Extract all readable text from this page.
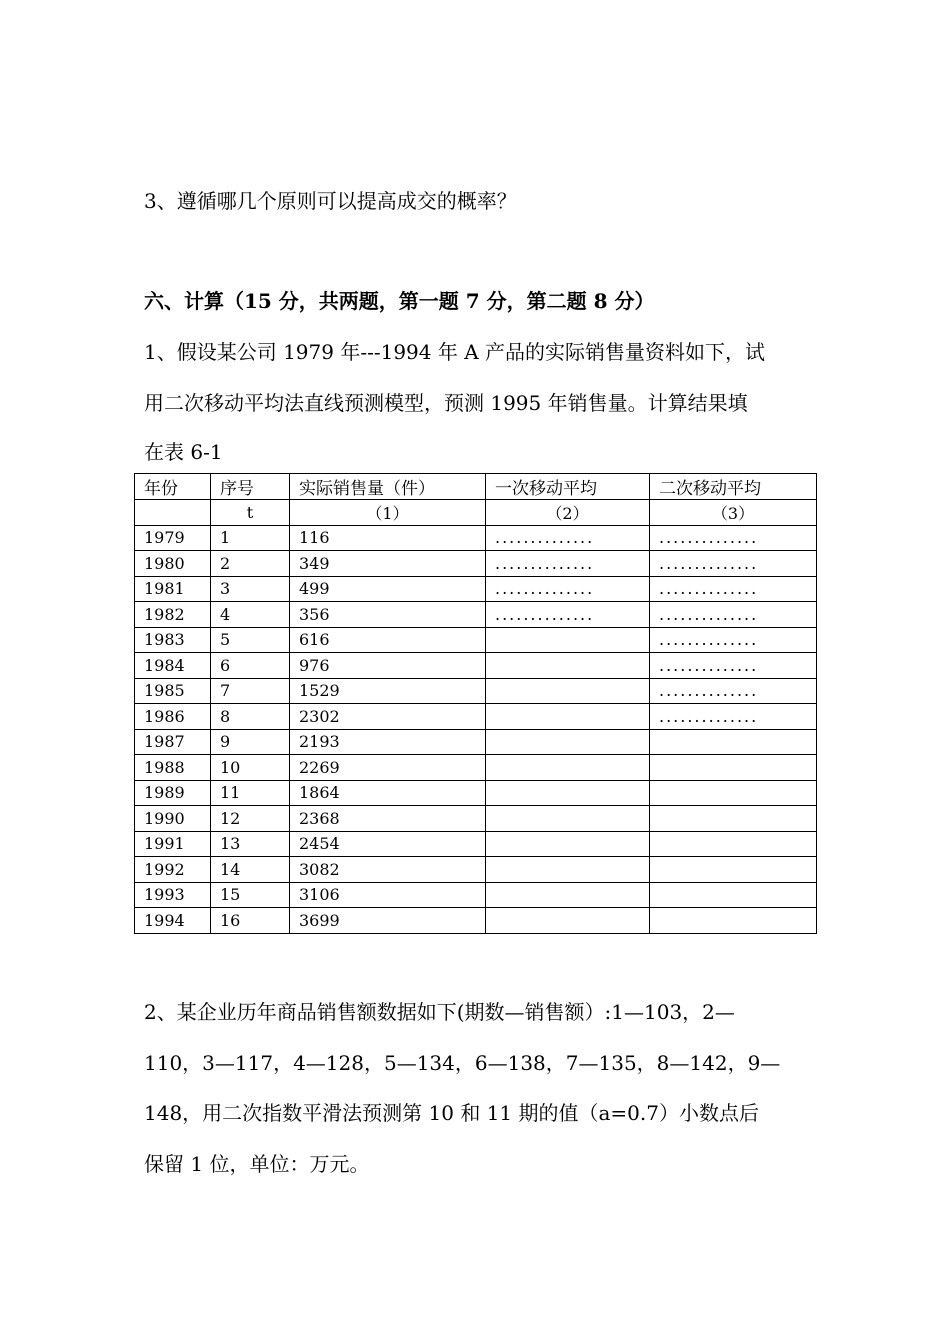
3、遵循哪几个原则可以提高成交的概率？
六、计算（15 分，共两题，第一题 7 分，第二题 8 分）
1、假设某公司 1979 年---1994 年 A 产品的实际销售量资料如下，试
用二次移动平均法直线预测模型，预测 1995 年销售量。计算结果填
在表 6-1
年份	序号	实际销售量（件）	一次移动平均	二次移动平均
	t	（1）	（2）	（3）
1979	1	116	..............	..............
1980	2	349	..............	..............
1981	3	499	..............	..............
1982	4	356	..............	..............
1983	5	616		..............
1984	6	976		..............
1985	7	1529		..............
1986	8	2302		..............
1987	9	2193		
1988	10	2269		
1989	11	1864		
1990	12	2368		
1991	13	2454		
1992	14	3082		
1993	15	3106		
1994	16	3699		
2、某企业历年商品销售额数据如下(期数—销售额）:1—103，2—
110，3—117，4—128，5—134，6—138，7—135，8—142，9—
148，用二次指数平滑法预测第 10 和 11 期的值（a=0.7）小数点后
保留 1 位，单位：万元。
